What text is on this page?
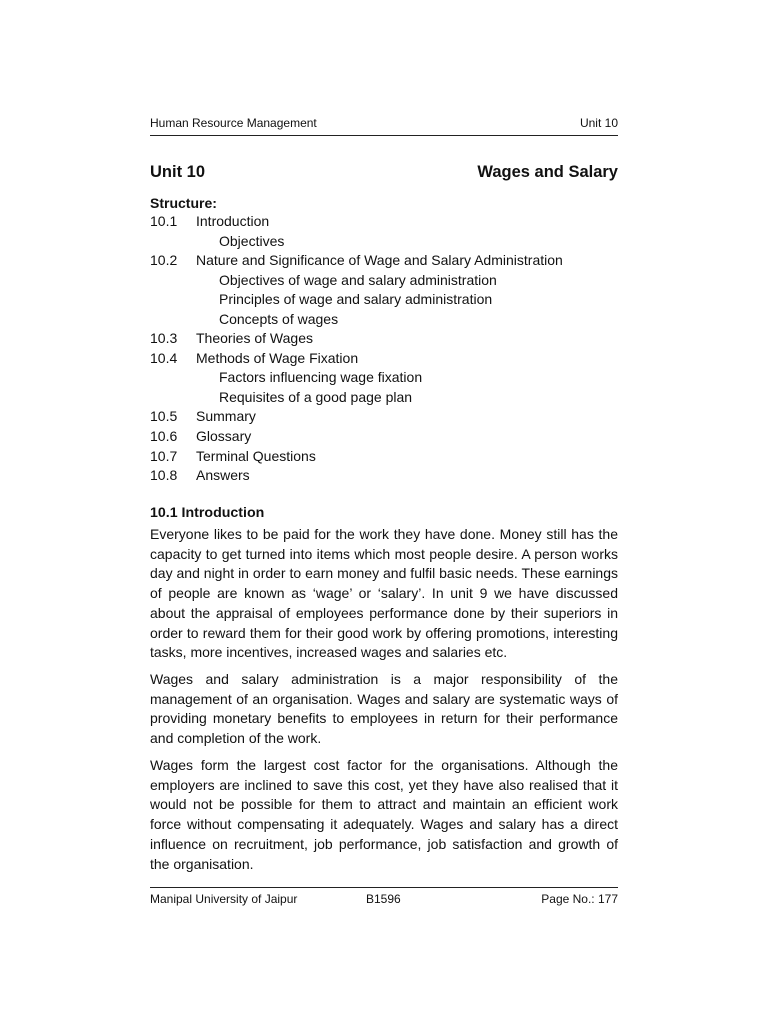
Human Resource Management	Unit 10
Unit 10	Wages and Salary
Structure:
10.1 Introduction
Objectives
10.2 Nature and Significance of Wage and Salary Administration
Objectives of wage and salary administration
Principles of wage and salary administration
Concepts of wages
10.3 Theories of Wages
10.4 Methods of Wage Fixation
Factors influencing wage fixation
Requisites of a good page plan
10.5 Summary
10.6 Glossary
10.7 Terminal Questions
10.8 Answers
10.1 Introduction

Everyone likes to be paid for the work they have done. Money still has the capacity to get turned into items which most people desire. A person works day and night in order to earn money and fulfil basic needs. These earnings of people are known as ‘wage’ or ‘salary’. In unit 9 we have discussed about the appraisal of employees performance done by their superiors in order to reward them for their good work by offering promotions, interesting tasks, more incentives, increased wages and salaries etc.

Wages and salary administration is a major responsibility of the management of an organisation. Wages and salary are systematic ways of providing monetary benefits to employees in return for their performance and completion of the work.

Wages form the largest cost factor for the organisations. Although the employers are inclined to save this cost, yet they have also realised that it would not be possible for them to attract and maintain an efficient work force without compensating it adequately. Wages and salary has a direct influence on recruitment, job performance, job satisfaction and growth of the organisation.

Manipal University of Jaipur	B1596	Page No.: 177
